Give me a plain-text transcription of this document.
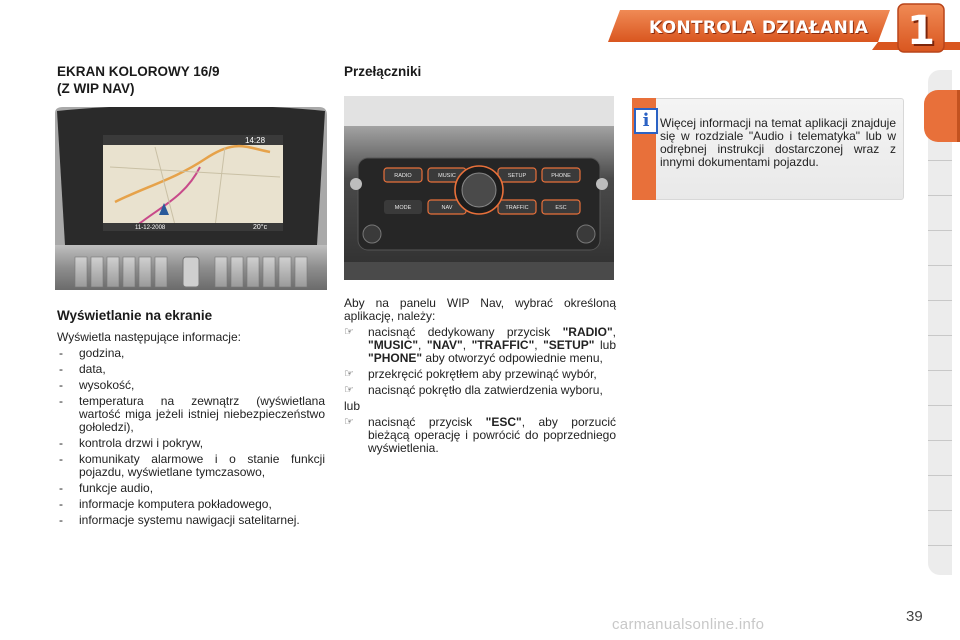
KONTROLA DZIAŁANIA 1
EKRAN KOLOROWY 16/9
(Z WIP NAV)
14:28
11-12-2008	20°c
Wyświetlanie na ekranie
Wyświetla następujące informacje:
- godzina,
- data,
- wysokość,
- temperatura na zewnątrz (wyświetlana wartość miga jeżeli istniej niebezpieczeństwo gołoledzi),
- kontrola drzwi i pokryw,
- komunikaty alarmowe i o stanie funkcji pojazdu, wyświetlane tymczasowo,
- funkcje audio,
- informacje komputera pokładowego,
- informacje systemu nawigacji satelitarnej.
Przełączniki
RADIO	MUSIC	SETUP	PHONE
MODE	NAV	TRAFFIC	ESC

Aby na panelu WIP Nav, wybrać określoną aplikację, należy:

☞ nacisnąć dedykowany przycisk "RADIO", "MUSIC", "NAV", "TRAFFIC", "SETUP" lub "PHONE" aby otworzyć odpowiednie menu,
☞ przekręcić pokrętłem aby przewinąć wybór,
☞ nacisnąć pokrętło dla zatwierdzenia wyboru,

lub

☞ nacisnąć przycisk "ESC", aby porzucić bieżącą operację i powrócić do poprzedniego wyświetlenia.
i Więcej informacji na temat aplikacji znajduje się w rozdziale "Audio i telematyka" lub w odrębnej instrukcji dostarczonej wraz z innymi dokumentami pojazdu.
carmanualsonline.info	39
